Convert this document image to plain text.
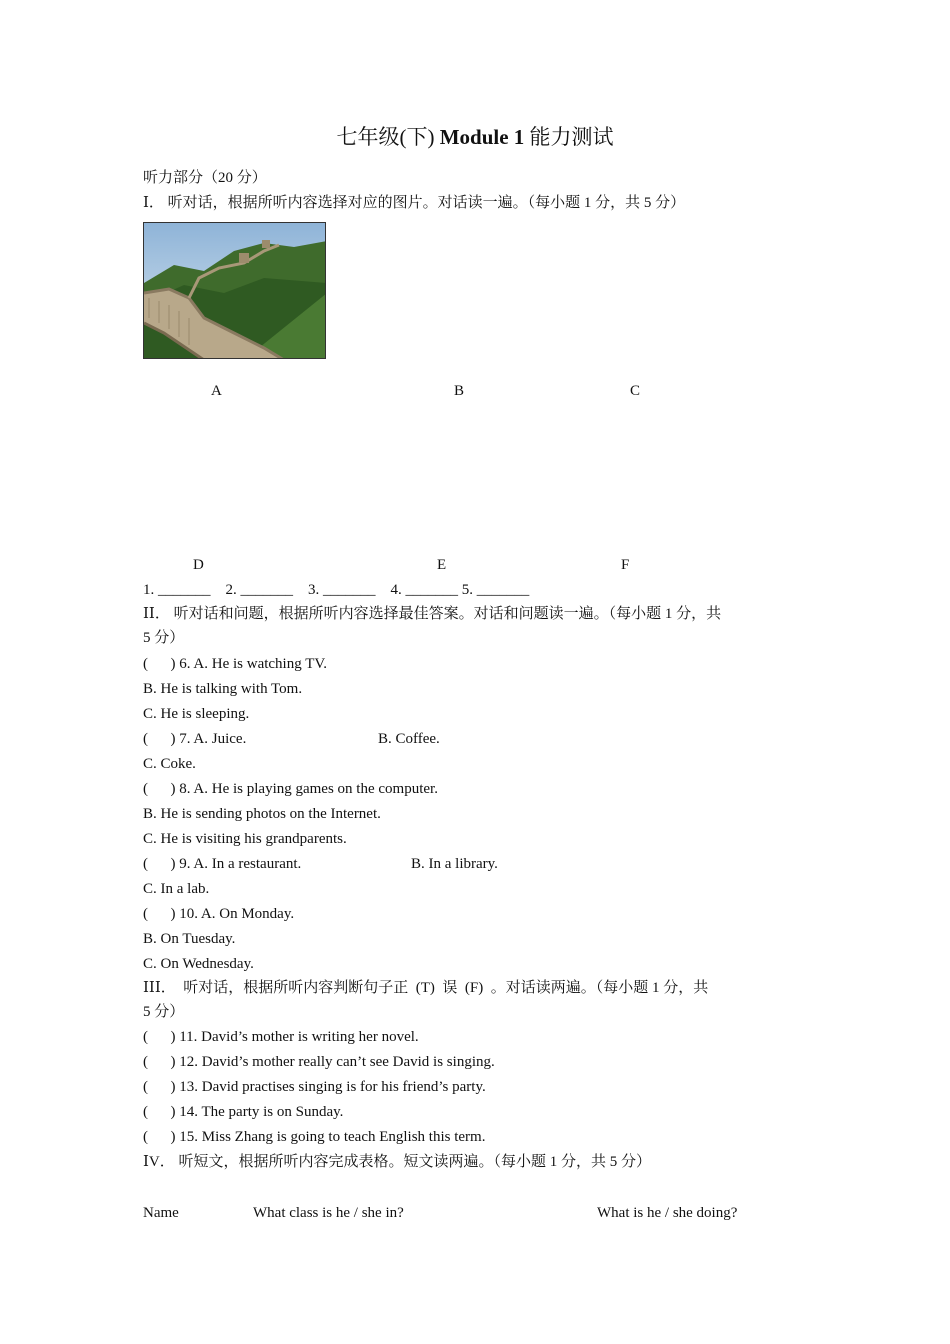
七年级(下) Module 1 能力测试
听力部分（20 分）
Ⅰ． 听对话，根据所听内容选择对应的图片。对话读一遍。（每小题 1 分，共 5 分）
A	B	C
D	E	F
1. _______    2. _______    3. _______    4. _______ 5. _______
ⅠⅠ． 听对话和问题，根据所听内容选择最佳答案。对话和问题读一遍。（每小题 1 分，共
5 分）
(      ) 6. A. He is watching TV.
B. He is talking with Tom.
C. He is sleeping.
(      ) 7. A. Juice.	B. Coffee.
C. Coke.
(      ) 8. A. He is playing games on the computer.
B. He is sending photos on the Internet.
C. He is visiting his grandparents.
(      ) 9. A. In a restaurant.	B. In a library.
C. In a lab.
(      ) 10. A. On Monday.
B. On Tuesday.
C. On Wednesday.
ⅠⅠⅠ．  听对话，根据所听内容判断句子正  (T)  误  (F)  。对话读两遍。（每小题 1 分，共
5 分）
(      ) 11. David’s mother is writing her novel.
(      ) 12. David’s mother really can’t see David is singing.
(      ) 13. David practises singing is for his friend’s party.
(      ) 14. The party is on Sunday.
(      ) 15. Miss Zhang is going to teach English this term.
ⅠV． 听短文，根据所听内容完成表格。短文读两遍。（每小题 1 分，共 5 分）
Name	What class is he / she in?	What is he / she doing?
